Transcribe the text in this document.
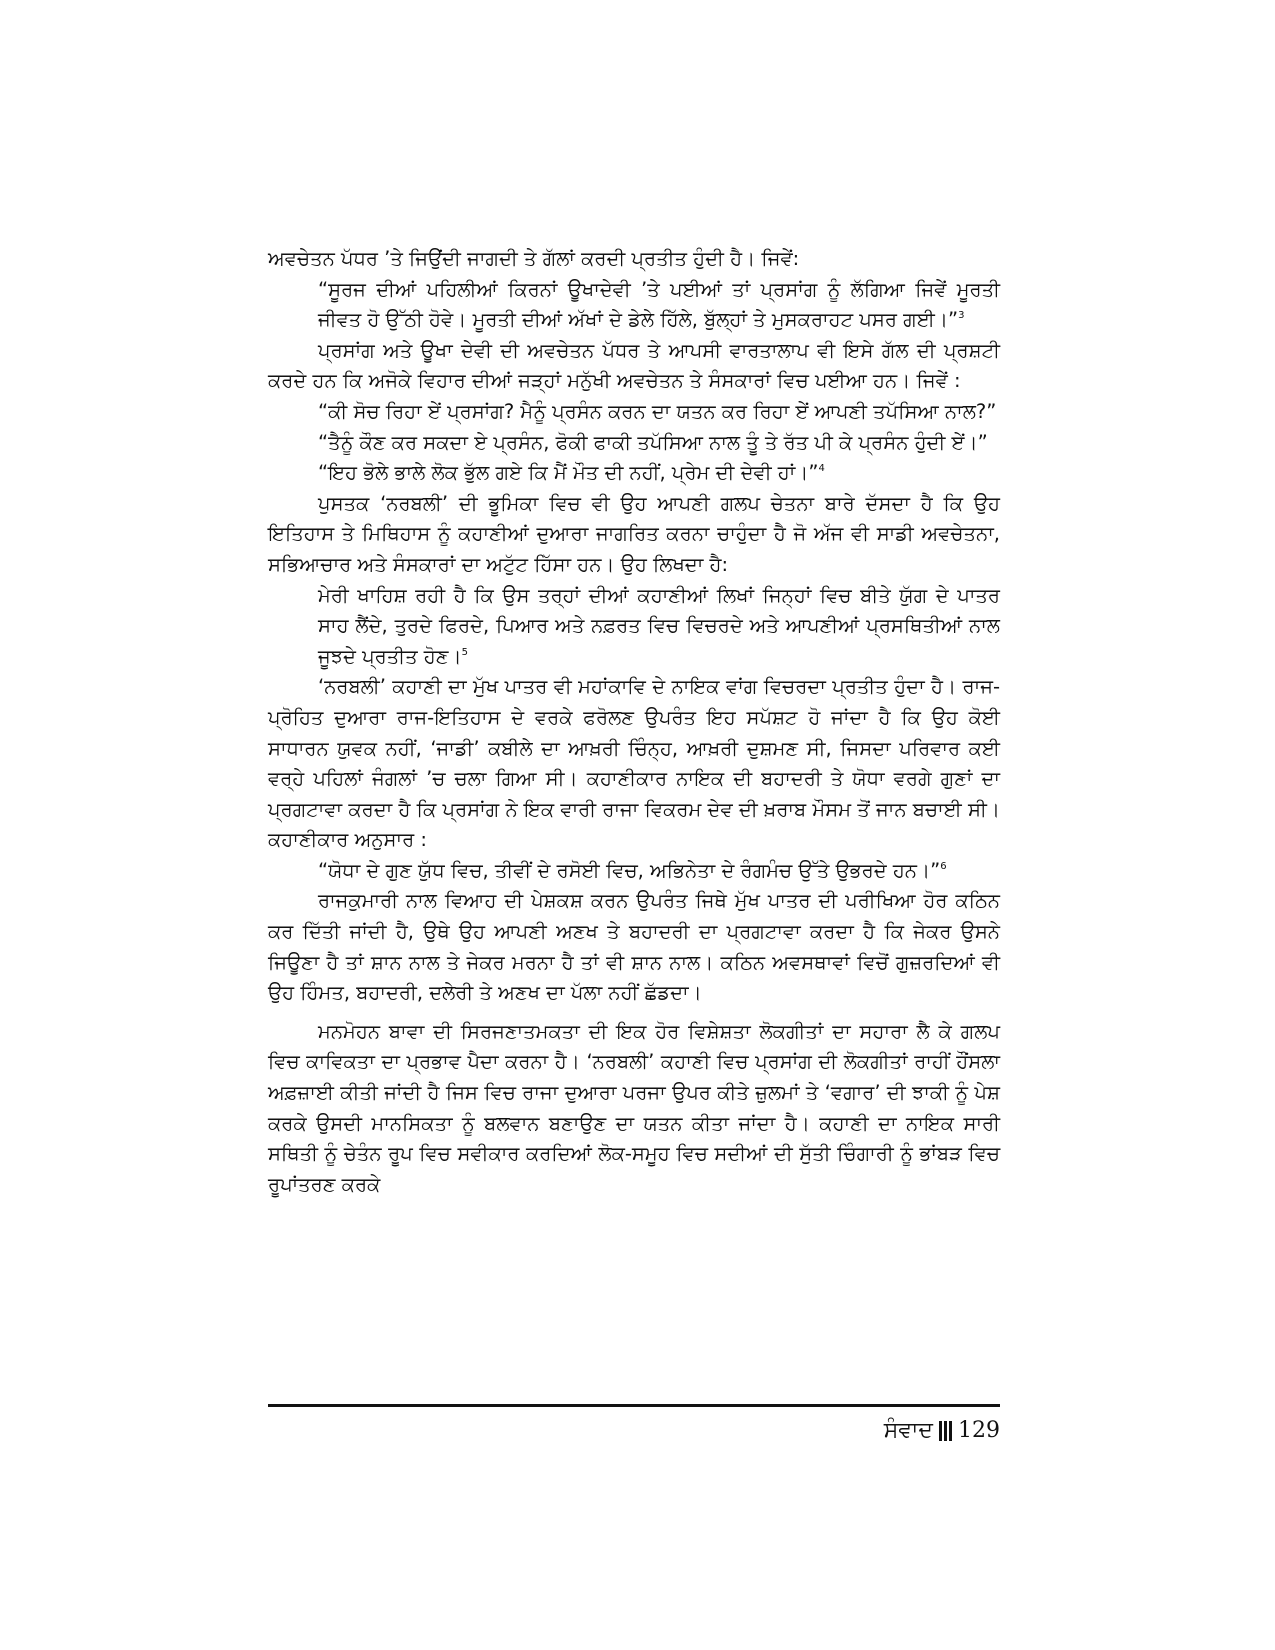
ਅਵਚੇਤਨ ਪੱਧਰ ’ਤੇ ਜਿਉਂਦੀ ਜਾਗਦੀ ਤੇ ਗੱਲਾਂ ਕਰਦੀ ਪ੍ਰਤੀਤ ਹੁੰਦੀ ਹੈ। ਜਿਵੇਂ:

“ਸੂਰਜ ਦੀਆਂ ਪਹਿਲੀਆਂ ਕਿਰਨਾਂ ਊਖਾਦੇਵੀ ’ਤੇ ਪਈਆਂ ਤਾਂ ਪ੍ਰਸਾਂਗ ਨੂੰ ਲੱਗਿਆ ਜਿਵੇਂ ਮੂਰਤੀ ਜੀਵਤ ਹੋ ਉੱਠੀ ਹੋਵੇ। ਮੂਰਤੀ ਦੀਆਂ ਅੱਖਾਂ ਦੇ ਡੇਲੇ ਹਿੱਲੇ, ਬੁੱਲ੍ਹਾਂ ਤੇ ਮੁਸਕਰਾਹਟ ਪਸਰ ਗਈ।”$^3$

ਪ੍ਰਸਾਂਗ ਅਤੇ ਊਖਾ ਦੇਵੀ ਦੀ ਅਵਚੇਤਨ ਪੱਧਰ ਤੇ ਆਪਸੀ ਵਾਰਤਾਲਾਪ ਵੀ ਇਸੇ ਗੱਲ ਦੀ ਪ੍ਰਸ਼ਟੀ ਕਰਦੇ ਹਨ ਕਿ ਅਜੋਕੇ ਵਿਹਾਰ ਦੀਆਂ ਜੜ੍ਹਾਂ ਮਨੁੱਖੀ ਅਵਚੇਤਨ ਤੇ ਸੰਸਕਾਰਾਂ ਵਿਚ ਪਈਆ ਹਨ। ਜਿਵੇਂ :

“ਕੀ ਸੋਚ ਰਿਹਾ ਏਂ ਪ੍ਰਸਾਂਗ? ਮੈਨੂੰ ਪ੍ਰਸੰਨ ਕਰਨ ਦਾ ਯਤਨ ਕਰ ਰਿਹਾ ਏਂ ਆਪਣੀ ਤਪੱਸਿਆ ਨਾਲ?”

“ਤੈਨੂੰ ਕੌਣ ਕਰ ਸਕਦਾ ਏ ਪ੍ਰਸੰਨ, ਫੋਕੀ ਫਾਕੀ ਤਪੱਸਿਆ ਨਾਲ ਤੂੰ ਤੇ ਰੱਤ ਪੀ ਕੇ ਪ੍ਰਸੰਨ ਹੁੰਦੀ ਏਂ।”

“ਇਹ ਭੋਲੇ ਭਾਲੇ ਲੋਕ ਭੁੱਲ ਗਏ ਕਿ ਮੈਂ ਮੌਤ ਦੀ ਨਹੀਂ, ਪ੍ਰੇਮ ਦੀ ਦੇਵੀ ਹਾਂ।”$^4$

ਪੁਸਤਕ ‘ਨਰਬਲੀ’ ਦੀ ਭੂਮਿਕਾ ਵਿਚ ਵੀ ਉਹ ਆਪਣੀ ਗਲਪ ਚੇਤਨਾ ਬਾਰੇ ਦੱਸਦਾ ਹੈ ਕਿ ਉਹ ਇਤਿਹਾਸ ਤੇ ਮਿਥਿਹਾਸ ਨੂੰ ਕਹਾਣੀਆਂ ਦੁਆਰਾ ਜਾਗਰਿਤ ਕਰਨਾ ਚਾਹੁੰਦਾ ਹੈ ਜੋ ਅੱਜ ਵੀ ਸਾਡੀ ਅਵਚੇਤਨਾ, ਸਭਿਆਚਾਰ ਅਤੇ ਸੰਸਕਾਰਾਂ ਦਾ ਅਟੁੱਟ ਹਿੱਸਾ ਹਨ। ਉਹ ਲਿਖਦਾ ਹੈ:

ਮੇਰੀ ਖਾਹਿਸ਼ ਰਹੀ ਹੈ ਕਿ ਉਸ ਤਰ੍ਹਾਂ ਦੀਆਂ ਕਹਾਣੀਆਂ ਲਿਖਾਂ ਜਿਨ੍ਹਾਂ ਵਿਚ ਬੀਤੇ ਯੁੱਗ ਦੇ ਪਾਤਰ ਸਾਹ ਲੈਂਦੇ, ਤੁਰਦੇ ਫਿਰਦੇ, ਪਿਆਰ ਅਤੇ ਨਫ਼ਰਤ ਵਿਚ ਵਿਚਰਦੇ ਅਤੇ ਆਪਣੀਆਂ ਪ੍ਰਸਥਿਤੀਆਂ ਨਾਲ ਜੂਝਦੇ ਪ੍ਰਤੀਤ ਹੋਣ।$^5$

‘ਨਰਬਲੀ’ ਕਹਾਣੀ ਦਾ ਮੁੱਖ ਪਾਤਰ ਵੀ ਮਹਾਂਕਾਵਿ ਦੇ ਨਾਇਕ ਵਾਂਗ ਵਿਚਰਦਾ ਪ੍ਰਤੀਤ ਹੁੰਦਾ ਹੈ। ਰਾਜ-ਪ੍ਰੋਹਿਤ ਦੁਆਰਾ ਰਾਜ-ਇਤਿਹਾਸ ਦੇ ਵਰਕੇ ਫਰੋਲਣ ਉਪਰੰਤ ਇਹ ਸਪੱਸ਼ਟ ਹੋ ਜਾਂਦਾ ਹੈ ਕਿ ਉਹ ਕੋਈ ਸਾਧਾਰਨ ਯੁਵਕ ਨਹੀਂ, ‘ਜਾਡੀ’ ਕਬੀਲੇ ਦਾ ਆਖ਼ਰੀ ਚਿੰਨ੍ਹ, ਆਖ਼ਰੀ ਦੁਸ਼ਮਣ ਸੀ, ਜਿਸਦਾ ਪਰਿਵਾਰ ਕਈ ਵਰ੍ਹੇ ਪਹਿਲਾਂ ਜੰਗਲਾਂ ’ਚ ਚਲਾ ਗਿਆ ਸੀ। ਕਹਾਣੀਕਾਰ ਨਾਇਕ ਦੀ ਬਹਾਦਰੀ ਤੇ ਯੋਧਾ ਵਰਗੇ ਗੁਣਾਂ ਦਾ ਪ੍ਰਗਟਾਵਾ ਕਰਦਾ ਹੈ ਕਿ ਪ੍ਰਸਾਂਗ ਨੇ ਇਕ ਵਾਰੀ ਰਾਜਾ ਵਿਕਰਮ ਦੇਵ ਦੀ ਖ਼ਰਾਬ ਮੌਸਮ ਤੋਂ ਜਾਨ ਬਚਾਈ ਸੀ। ਕਹਾਣੀਕਾਰ ਅਨੁਸਾਰ :

“ਯੋਧਾ ਦੇ ਗੁਣ ਯੁੱਧ ਵਿਚ, ਤੀਵੀਂ ਦੇ ਰਸੋਈ ਵਿਚ, ਅਭਿਨੇਤਾ ਦੇ ਰੰਗਮੰਚ ਉੱਤੇ ਉਭਰਦੇ ਹਨ।”$^6$

ਰਾਜਕੁਮਾਰੀ ਨਾਲ ਵਿਆਹ ਦੀ ਪੇਸ਼ਕਸ਼ ਕਰਨ ਉਪਰੰਤ ਜਿਥੇ ਮੁੱਖ ਪਾਤਰ ਦੀ ਪਰੀਖਿਆ ਹੋਰ ਕਠਿਨ ਕਰ ਦਿੱਤੀ ਜਾਂਦੀ ਹੈ, ਉਥੇ ਉਹ ਆਪਣੀ ਅਣਖ ਤੇ ਬਹਾਦਰੀ ਦਾ ਪ੍ਰਗਟਾਵਾ ਕਰਦਾ ਹੈ ਕਿ ਜੇਕਰ ਉਸਨੇ ਜਿਊਣਾ ਹੈ ਤਾਂ ਸ਼ਾਨ ਨਾਲ ਤੇ ਜੇਕਰ ਮਰਨਾ ਹੈ ਤਾਂ ਵੀ ਸ਼ਾਨ ਨਾਲ। ਕਠਿਨ ਅਵਸਥਾਵਾਂ ਵਿਚੋਂ ਗੁਜ਼ਰਦਿਆਂ ਵੀ ਉਹ ਹਿੰਮਤ, ਬਹਾਦਰੀ, ਦਲੇਰੀ ਤੇ ਅਣਖ ਦਾ ਪੱਲਾ ਨਹੀਂ ਛੱਡਦਾ।

ਮਨਮੋਹਨ ਬਾਵਾ ਦੀ ਸਿਰਜਣਾਤਮਕਤਾ ਦੀ ਇਕ ਹੋਰ ਵਿਸ਼ੇਸ਼ਤਾ ਲੋਕਗੀਤਾਂ ਦਾ ਸਹਾਰਾ ਲੈ ਕੇ ਗਲਪ ਵਿਚ ਕਾਵਿਕਤਾ ਦਾ ਪ੍ਰਭਾਵ ਪੈਦਾ ਕਰਨਾ ਹੈ। ‘ਨਰਬਲੀ’ ਕਹਾਣੀ ਵਿਚ ਪ੍ਰਸਾਂਗ ਦੀ ਲੋਕਗੀਤਾਂ ਰਾਹੀਂ ਹੌਂਸਲਾ ਅਫ਼ਜ਼ਾਈ ਕੀਤੀ ਜਾਂਦੀ ਹੈ ਜਿਸ ਵਿਚ ਰਾਜਾ ਦੁਆਰਾ ਪਰਜਾ ਉਪਰ ਕੀਤੇ ਜ਼ੁਲਮਾਂ ਤੇ ‘ਵਗਾਰ’ ਦੀ ਝਾਕੀ ਨੂੰ ਪੇਸ਼ ਕਰਕੇ ਉਸਦੀ ਮਾਨਸਿਕਤਾ ਨੂੰ ਬਲਵਾਨ ਬਣਾਉਣ ਦਾ ਯਤਨ ਕੀਤਾ ਜਾਂਦਾ ਹੈ। ਕਹਾਣੀ ਦਾ ਨਾਇਕ ਸਾਰੀ ਸਥਿਤੀ ਨੂੰ ਚੇਤੰਨ ਰੂਪ ਵਿਚ ਸਵੀਕਾਰ ਕਰਦਿਆਂ ਲੋਕ-ਸਮੂਹ ਵਿਚ ਸਦੀਆਂ ਦੀ ਸੁੱਤੀ ਚਿੰਗਾਰੀ ਨੂੰ ਭਾਂਬੜ ਵਿਚ ਰੂਪਾਂਤਰਣ ਕਰਕੇ

ਸੰਵਾਦ 129
